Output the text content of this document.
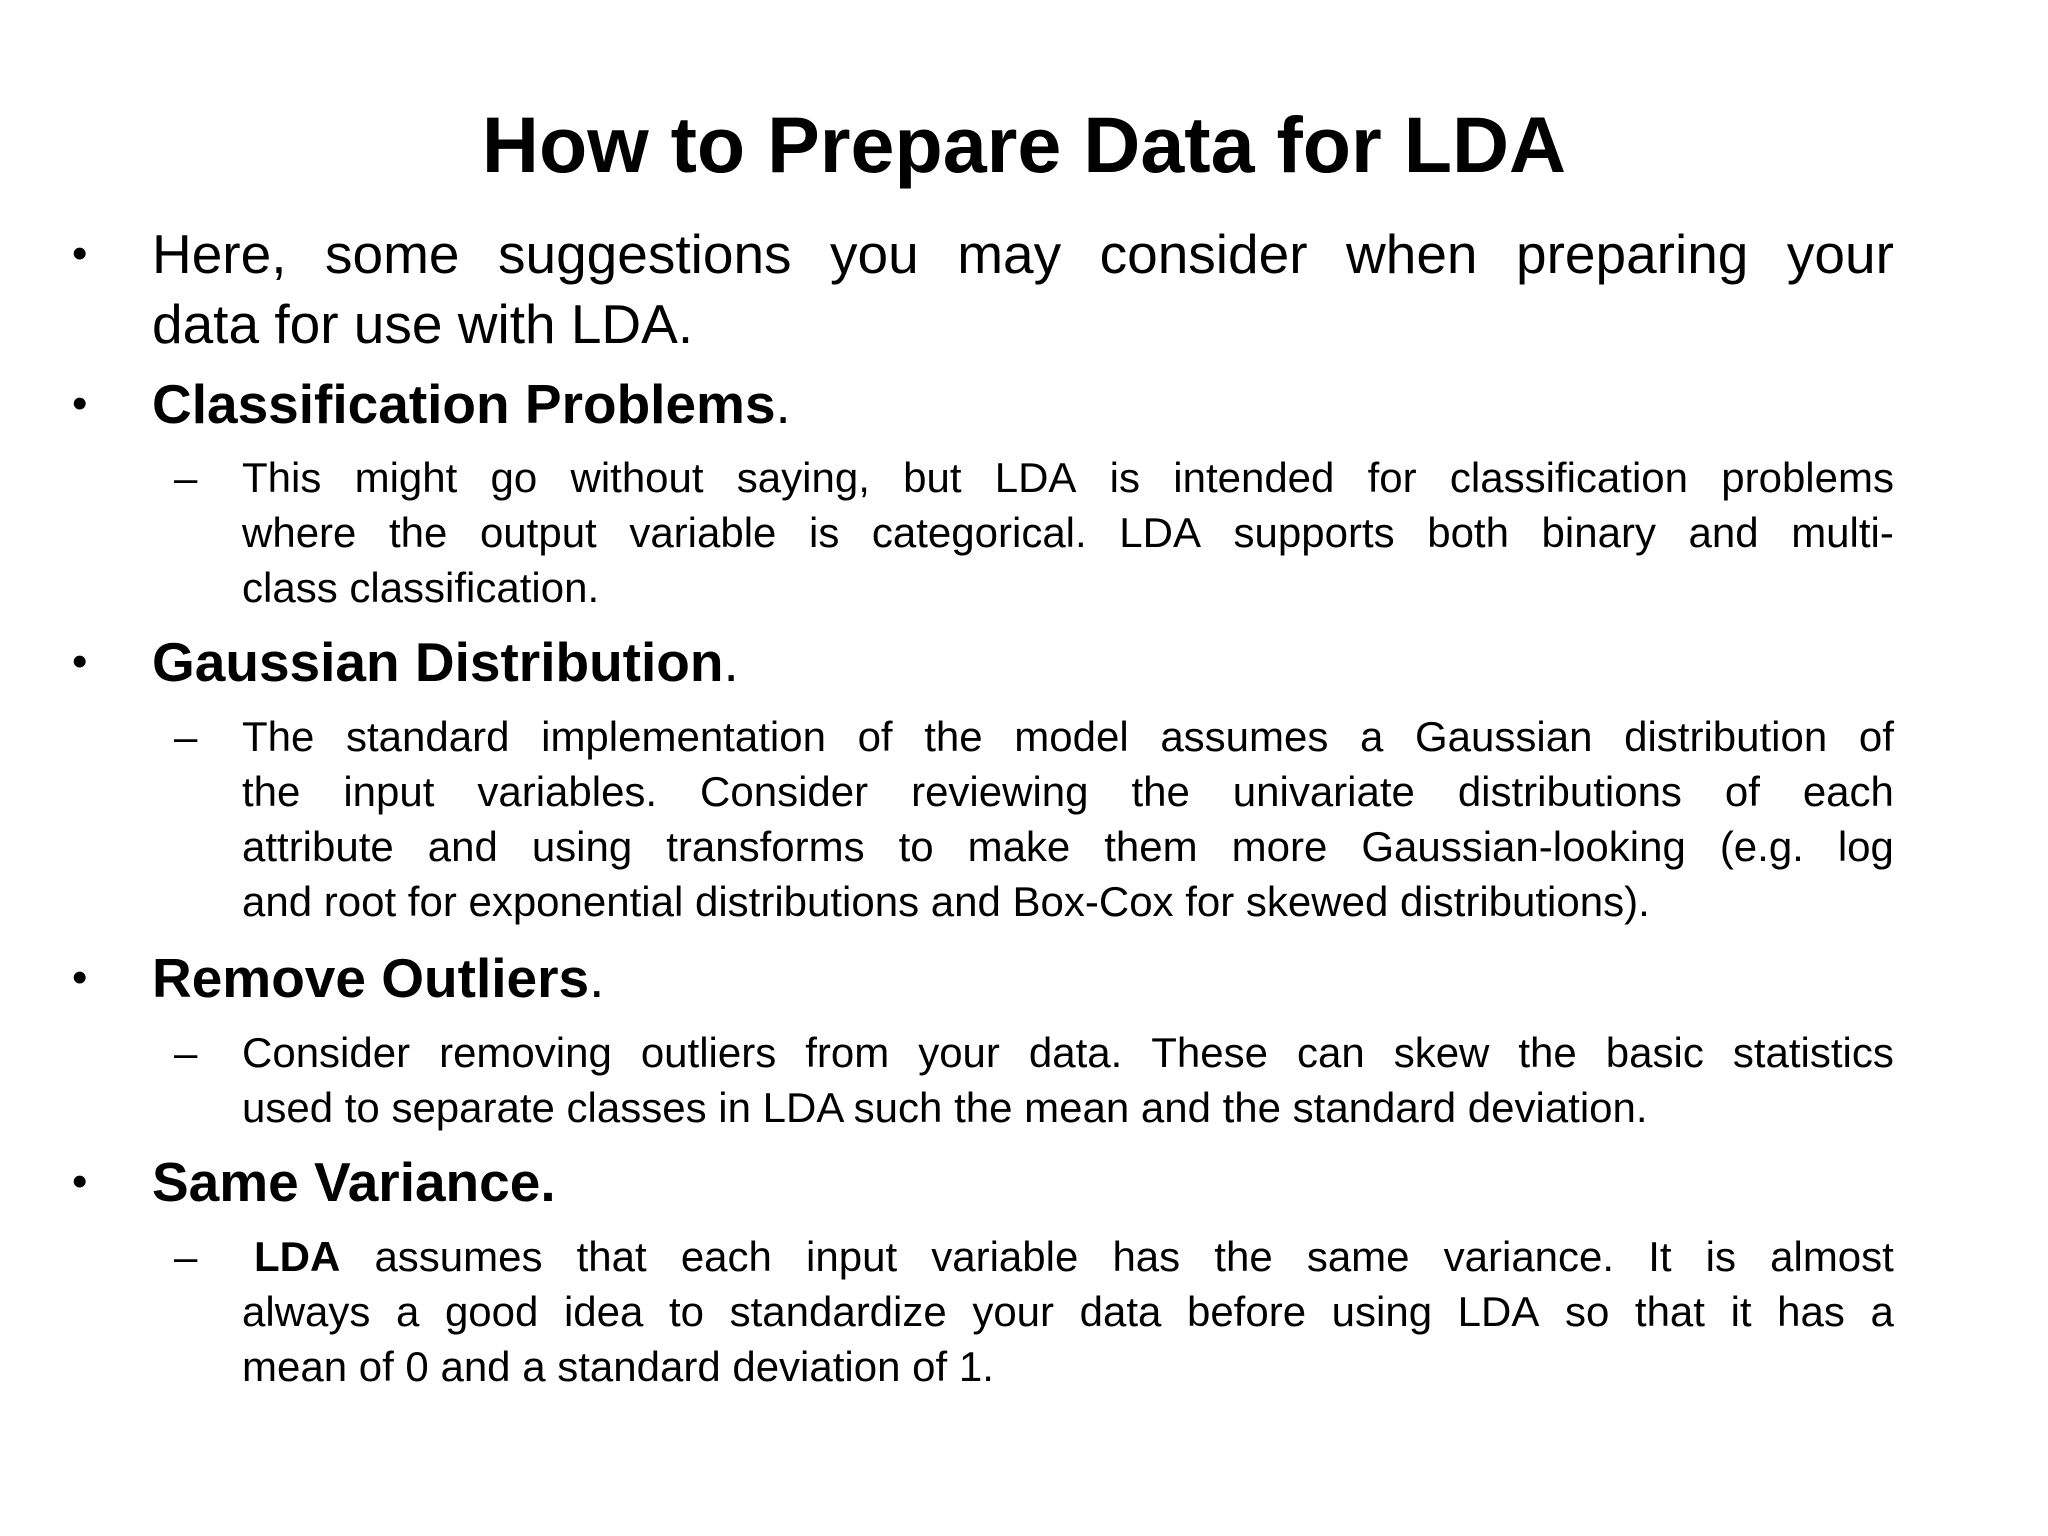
How to Prepare Data for LDA
• Here, some suggestions you may consider when preparing your
data for use with LDA.
• Classification Problems.
– This might go without saying, but LDA is intended for classification problems
where the output variable is categorical. LDA supports both binary and multi-
class classification.
• Gaussian Distribution.
– The standard implementation of the model assumes a Gaussian distribution of
the input variables. Consider reviewing the univariate distributions of each
attribute and using transforms to make them more Gaussian-looking (e.g. log
and root for exponential distributions and Box-Cox for skewed distributions).
• Remove Outliers.
– Consider removing outliers from your data. These can skew the basic statistics
used to separate classes in LDA such the mean and the standard deviation.
• Same Variance.
– LDA assumes that each input variable has the same variance. It is almost
always a good idea to standardize your data before using LDA so that it has a
mean of 0 and a standard deviation of 1.
